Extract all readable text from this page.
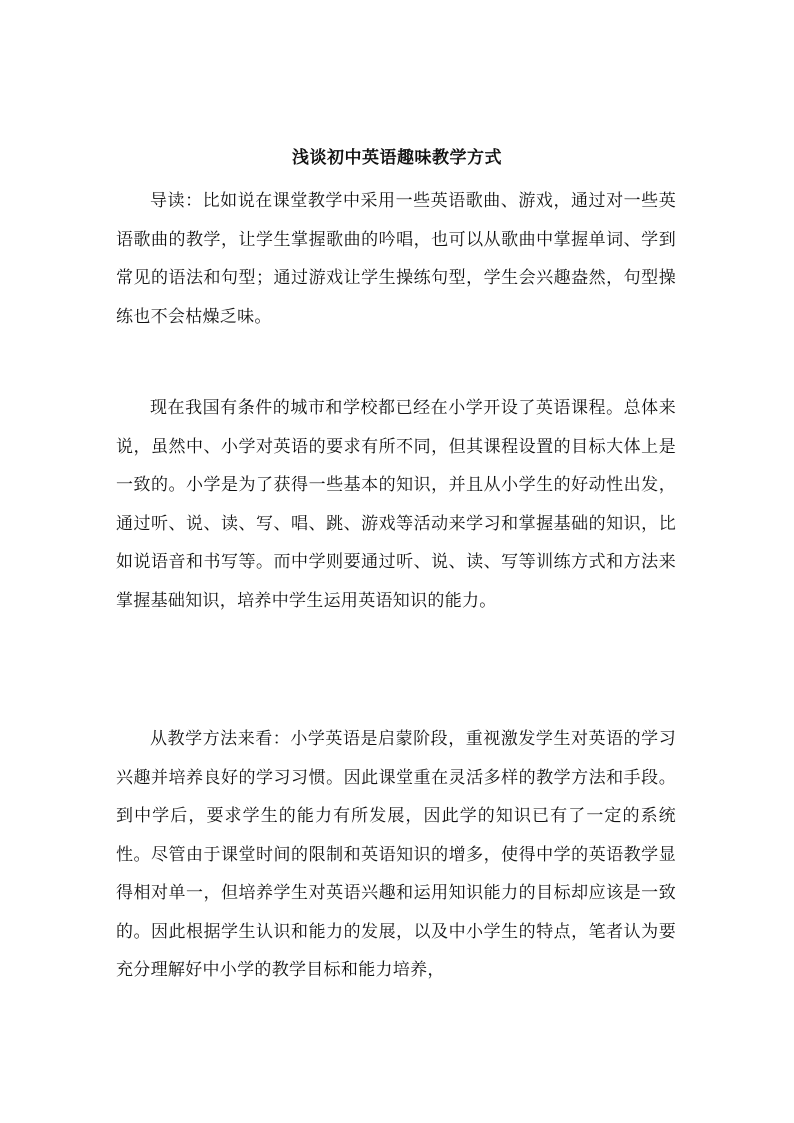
浅谈初中英语趣味教学方式
导读：比如说在课堂教学中采用一些英语歌曲、游戏，通过对一些英语歌曲的教学，让学生掌握歌曲的吟唱，也可以从歌曲中掌握单词、学到常见的语法和句型；通过游戏让学生操练句型，学生会兴趣盎然，句型操练也不会枯燥乏味。
现在我国有条件的城市和学校都已经在小学开设了英语课程。总体来说，虽然中、小学对英语的要求有所不同，但其课程设置的目标大体上是一致的。小学是为了获得一些基本的知识，并且从小学生的好动性出发，通过听、说、读、写、唱、跳、游戏等活动来学习和掌握基础的知识，比如说语音和书写等。而中学则要通过听、说、读、写等训练方式和方法来掌握基础知识，培养中学生运用英语知识的能力。
从教学方法来看：小学英语是启蒙阶段，重视激发学生对英语的学习兴趣并培养良好的学习习惯。因此课堂重在灵活多样的教学方法和手段。到中学后，要求学生的能力有所发展，因此学的知识已有了一定的系统性。尽管由于课堂时间的限制和英语知识的增多，使得中学的英语教学显得相对单一，但培养学生对英语兴趣和运用知识能力的目标却应该是一致的。因此根据学生认识和能力的发展，以及中小学生的特点，笔者认为要充分理解好中小学的教学目标和能力培养，
